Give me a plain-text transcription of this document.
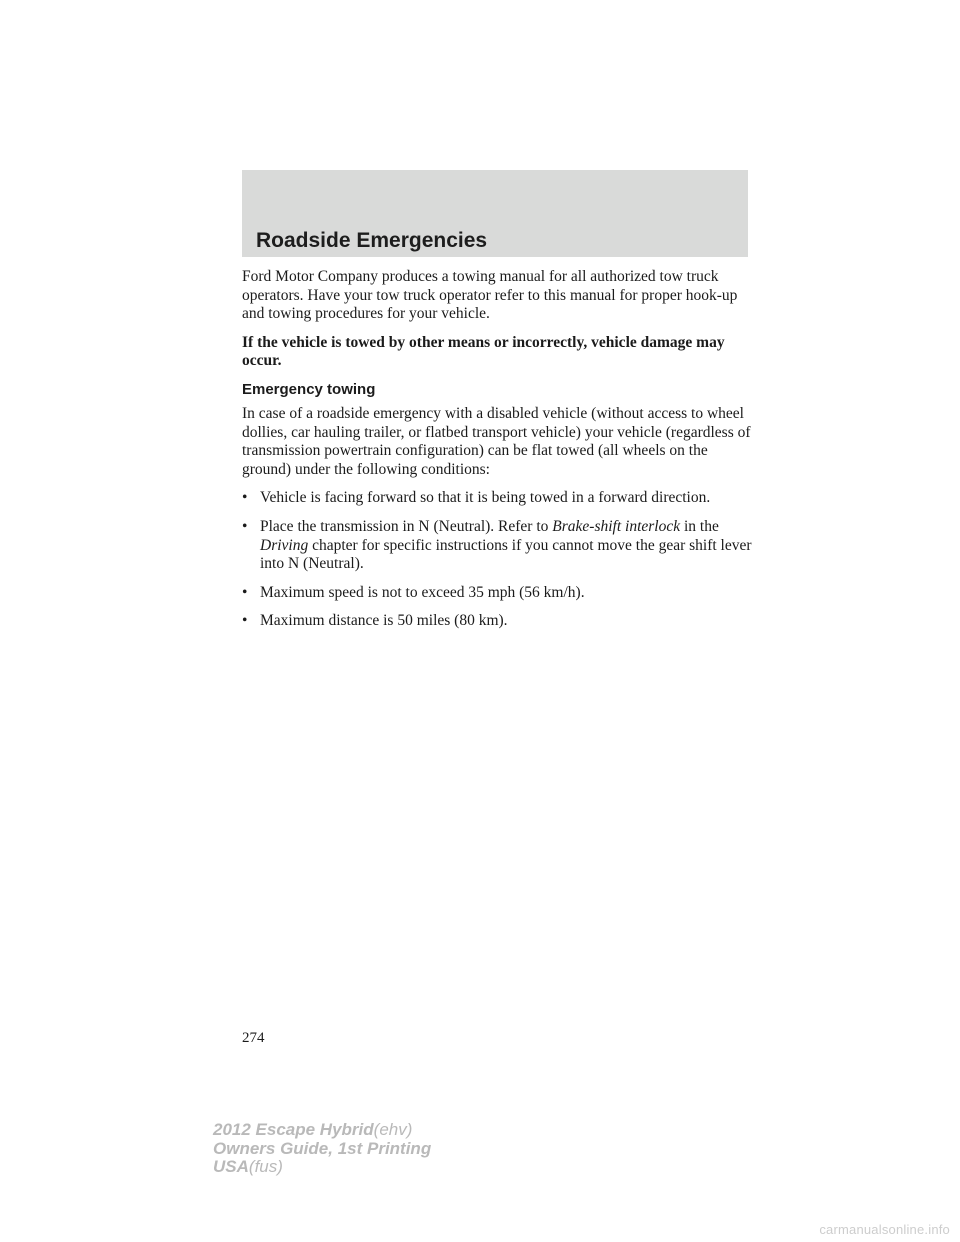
Roadside Emergencies

Ford Motor Company produces a towing manual for all authorized tow truck operators. Have your tow truck operator refer to this manual for proper hook-up and towing procedures for your vehicle.

If the vehicle is towed by other means or incorrectly, vehicle damage may occur.

Emergency towing

In case of a roadside emergency with a disabled vehicle (without access to wheel dollies, car hauling trailer, or flatbed transport vehicle) your vehicle (regardless of transmission powertrain configuration) can be flat towed (all wheels on the ground) under the following conditions:

• Vehicle is facing forward so that it is being towed in a forward direction.
• Place the transmission in N (Neutral). Refer to Brake-shift interlock in the Driving chapter for specific instructions if you cannot move the gear shift lever into N (Neutral).
• Maximum speed is not to exceed 35 mph (56 km/h).
• Maximum distance is 50 miles (80 km).
274
2012 Escape Hybrid(ehv)
Owners Guide, 1st Printing
USA(fus)
carmanualsonline.info
